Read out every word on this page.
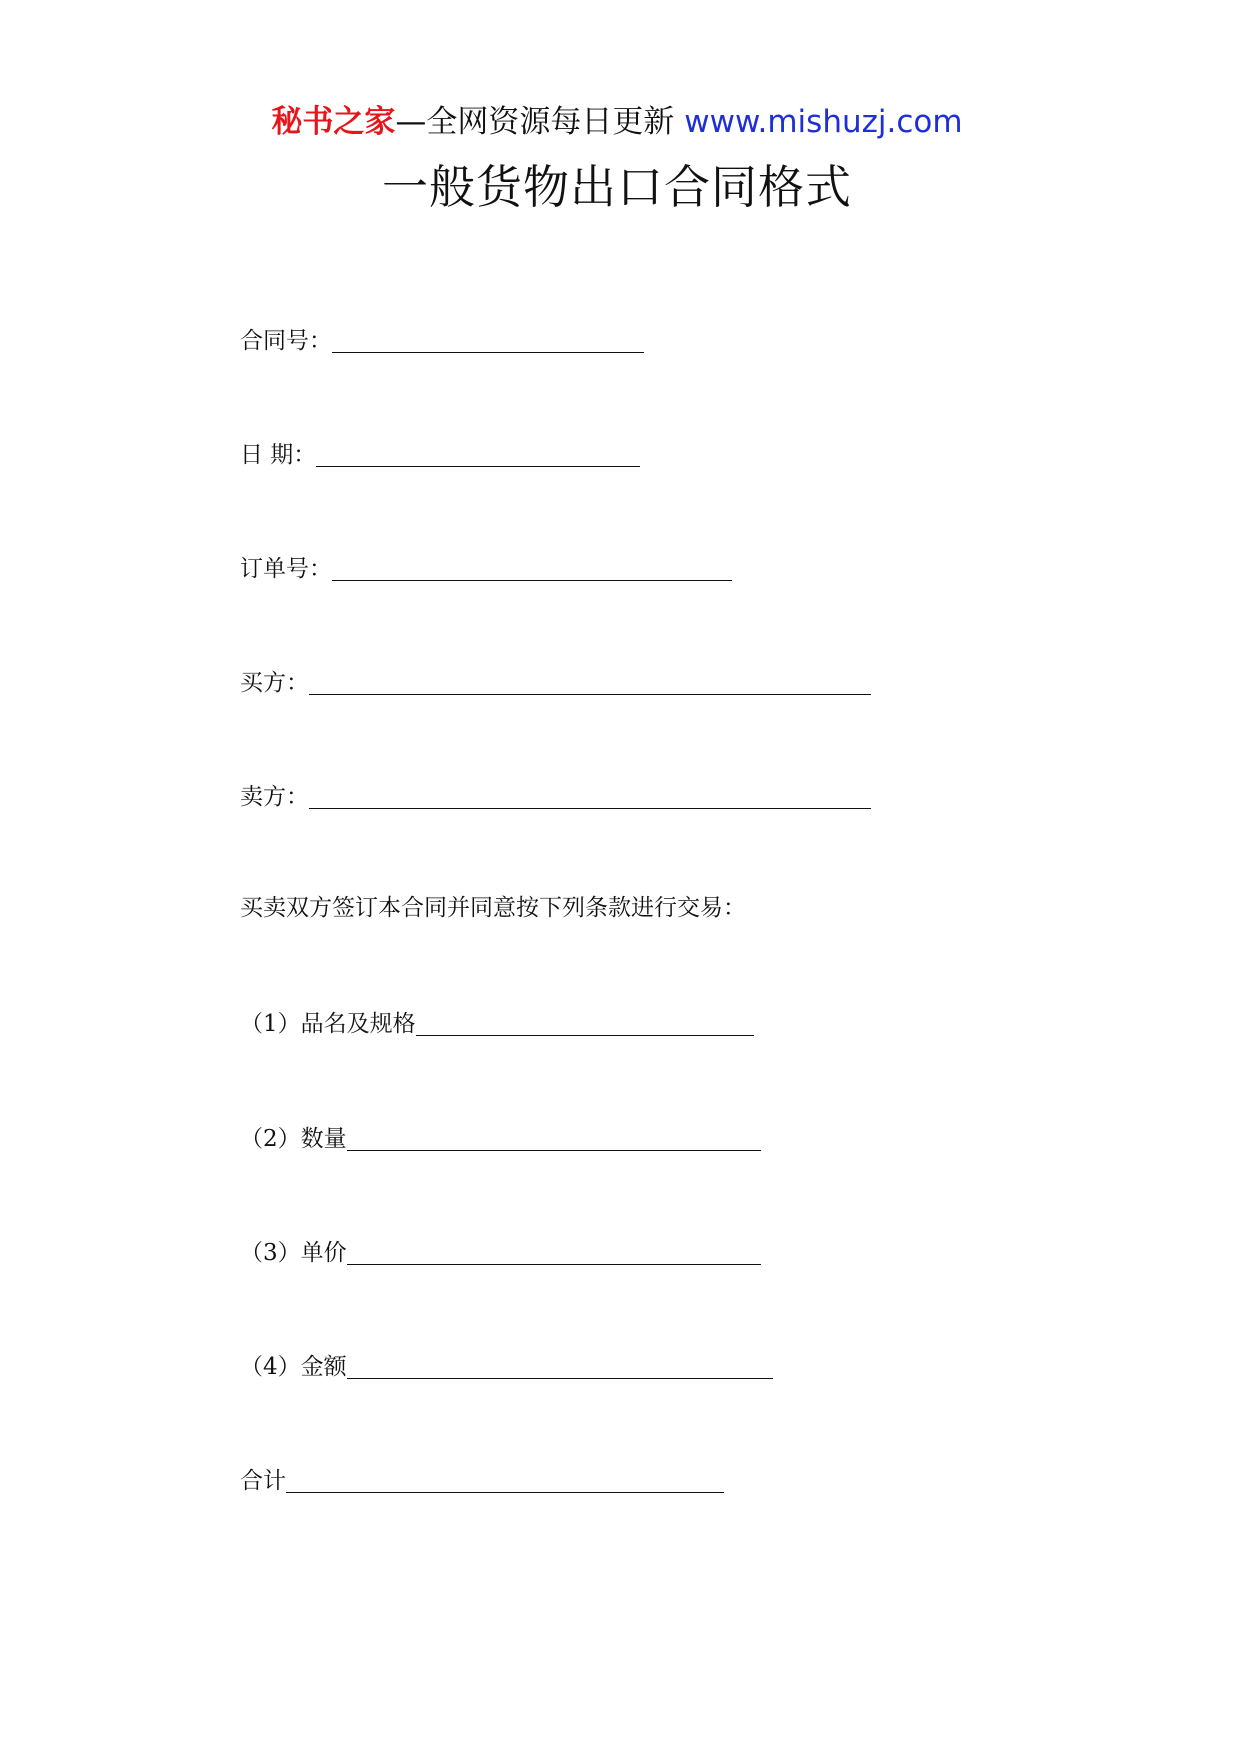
秘书之家—全网资源每日更新 www.mishuzj.com
一般货物出口合同格式
合同号：
日 期：
订单号：
买方：
卖方：
买卖双方签订本合同并同意按下列条款进行交易：
（1）品名及规格
（2）数量
（3）单价
（4）金额
合计
